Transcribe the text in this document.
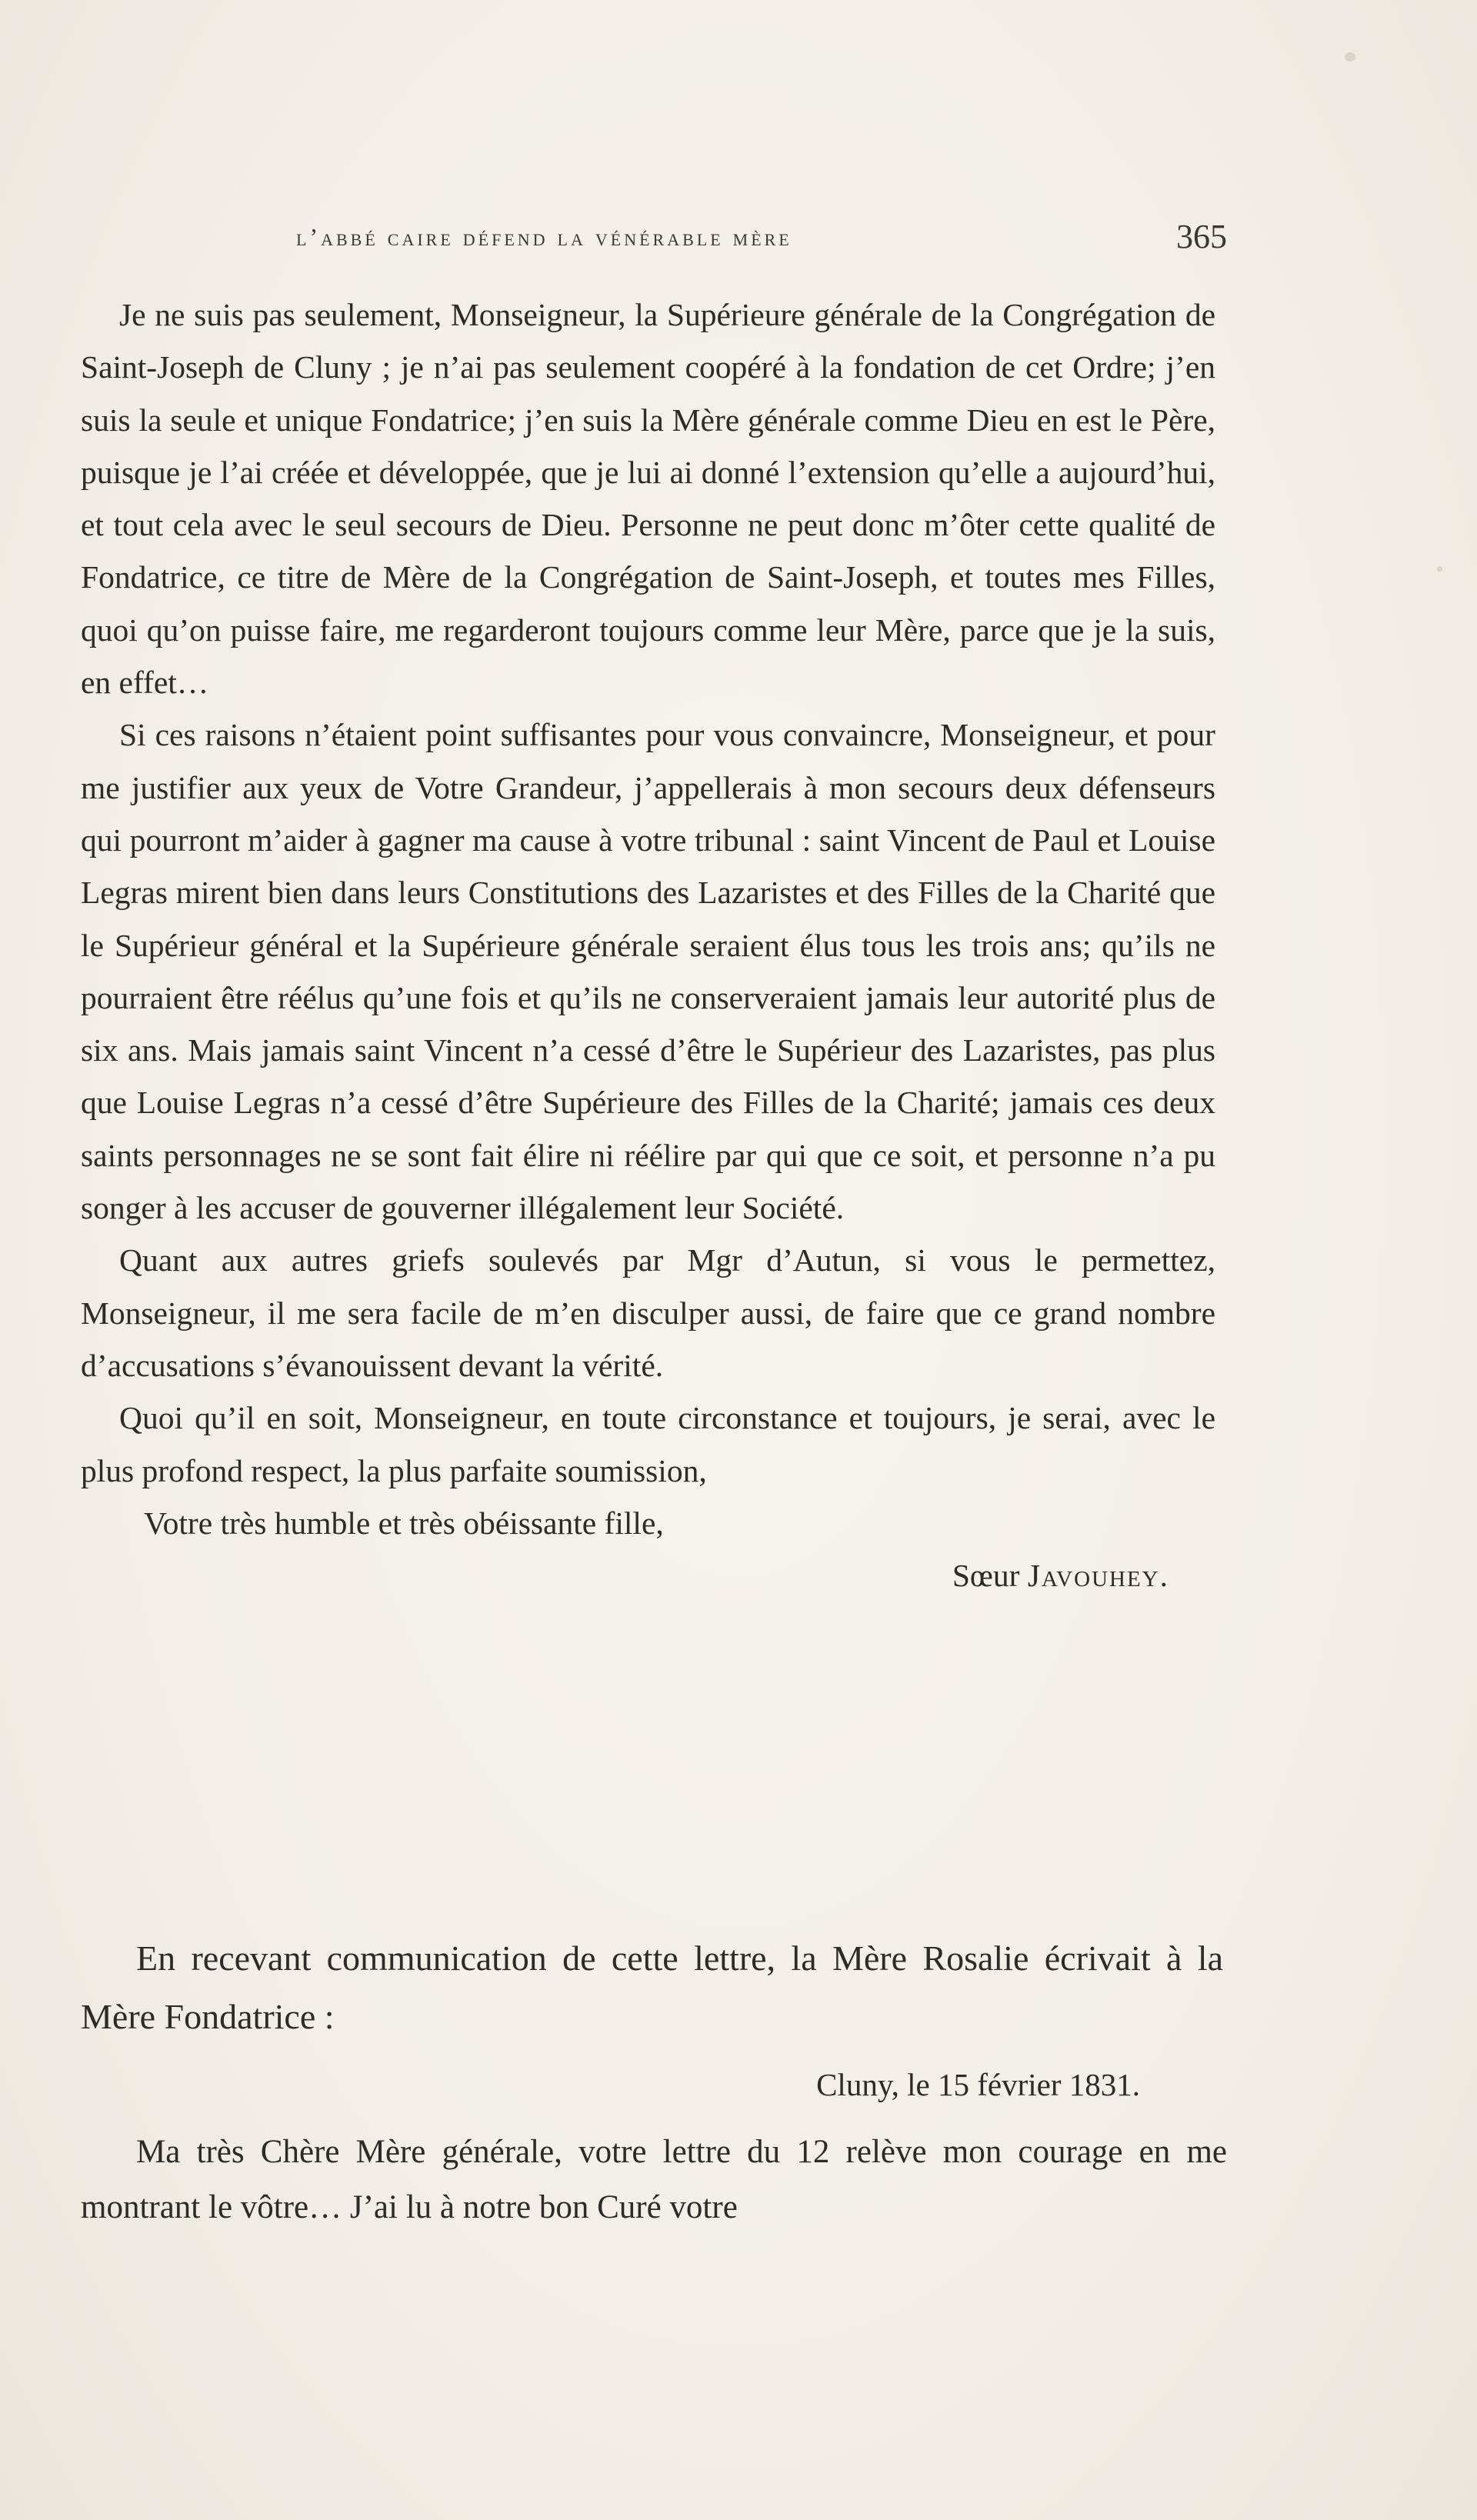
l’abbé caire défend la vénérable mère	365

Je ne suis pas seulement, Monseigneur, la Supérieure générale de la Congrégation de Saint-Joseph de Cluny ; je n’ai pas seulement coopéré à la fondation de cet Ordre; j’en suis la seule et unique Fondatrice; j’en suis la Mère générale comme Dieu en est le Père, puisque je l’ai créée et développée, que je lui ai donné l’extension qu’elle a aujourd’hui, et tout cela avec le seul secours de Dieu. Personne ne peut donc m’ôter cette qualité de Fondatrice, ce titre de Mère de la Congrégation de Saint-Joseph, et toutes mes Filles, quoi qu’on puisse faire, me regarderont toujours comme leur Mère, parce que je la suis, en effet…

Si ces raisons n’étaient point suffisantes pour vous convaincre, Monseigneur, et pour me justifier aux yeux de Votre Grandeur, j’appellerais à mon secours deux défenseurs qui pourront m’aider à gagner ma cause à votre tribunal : saint Vincent de Paul et Louise Legras mirent bien dans leurs Constitutions des Lazaristes et des Filles de la Charité que le Supérieur général et la Supérieure générale seraient élus tous les trois ans; qu’ils ne pourraient être réélus qu’une fois et qu’ils ne conserveraient jamais leur autorité plus de six ans. Mais jamais saint Vincent n’a cessé d’être le Supérieur des Lazaristes, pas plus que Louise Legras n’a cessé d’être Supérieure des Filles de la Charité; jamais ces deux saints personnages ne se sont fait élire ni réélire par qui que ce soit, et personne n’a pu songer à les accuser de gouverner illégalement leur Société.

Quant aux autres griefs soulevés par Mgr d’Autun, si vous le permettez, Monseigneur, il me sera facile de m’en disculper aussi, de faire que ce grand nombre d’accusations s’évanouissent devant la vérité.

Quoi qu’il en soit, Monseigneur, en toute circonstance et toujours, je serai, avec le plus profond respect, la plus parfaite soumission,

Votre très humble et très obéissante fille,

Sœur Javouhey.

En recevant communication de cette lettre, la Mère Rosalie écrivait à la Mère Fondatrice :

Cluny, le 15 février 1831.

Ma très Chère Mère générale, votre lettre du 12 relève mon courage en me montrant le vôtre… J’ai lu à notre bon Curé votre
